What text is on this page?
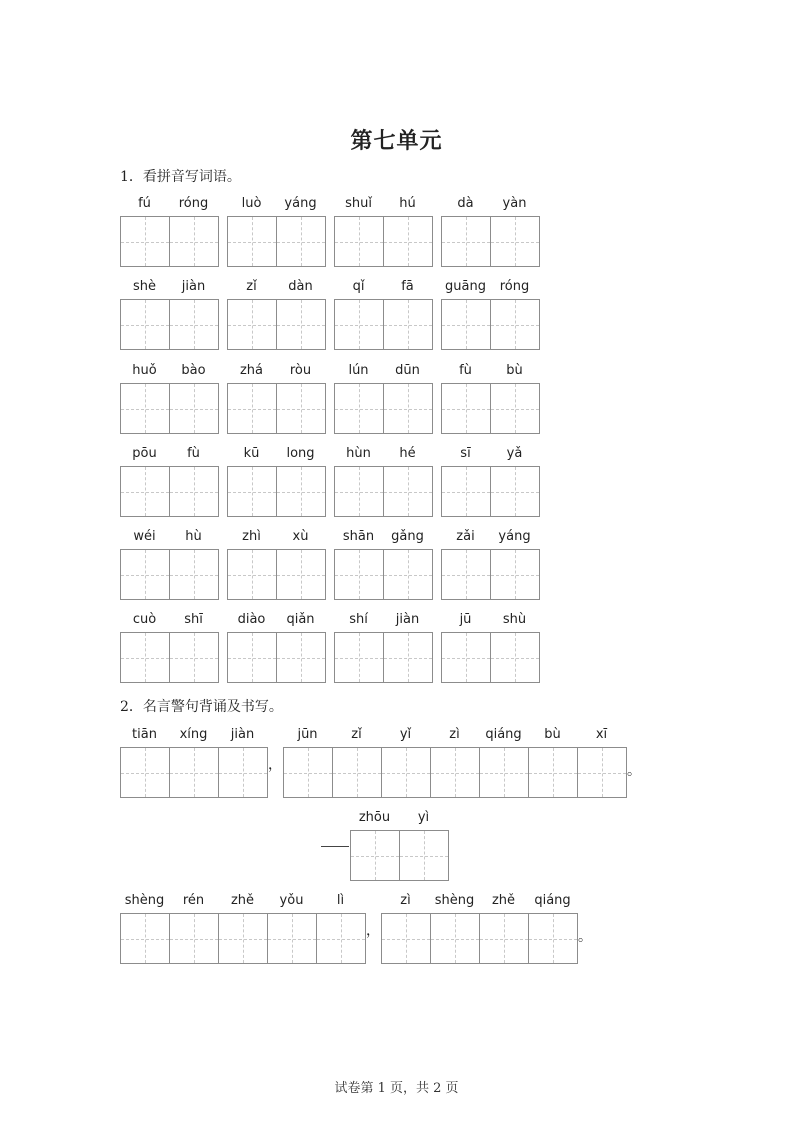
第七单元
1．看拼音写词语。
fú	róng	luò	yáng	shuǐ	hú	dà	yàn
shè	jiàn	zǐ	dàn	qǐ	fā	guāng	róng
huǒ	bào	zhá	ròu	lún	dūn	fù	bù
pōu	fù	kū	long	hùn	hé	sī	yǎ
wéi	hù	zhì	xù	shān	gǎng	zǎi	yáng
cuò	shī	diào	qiǎn	shí	jiàn	jū	shù
2．名言警句背诵及书写。
tiān	xíng	jiàn
，
jūn	zǐ	yǐ	zì	qiáng	bù	xī
。
zhōu	yì
shèng	rén	zhě	yǒu	lì
，
zì	shèng	zhě	qiáng
。
试卷第 1 页，共 2 页
